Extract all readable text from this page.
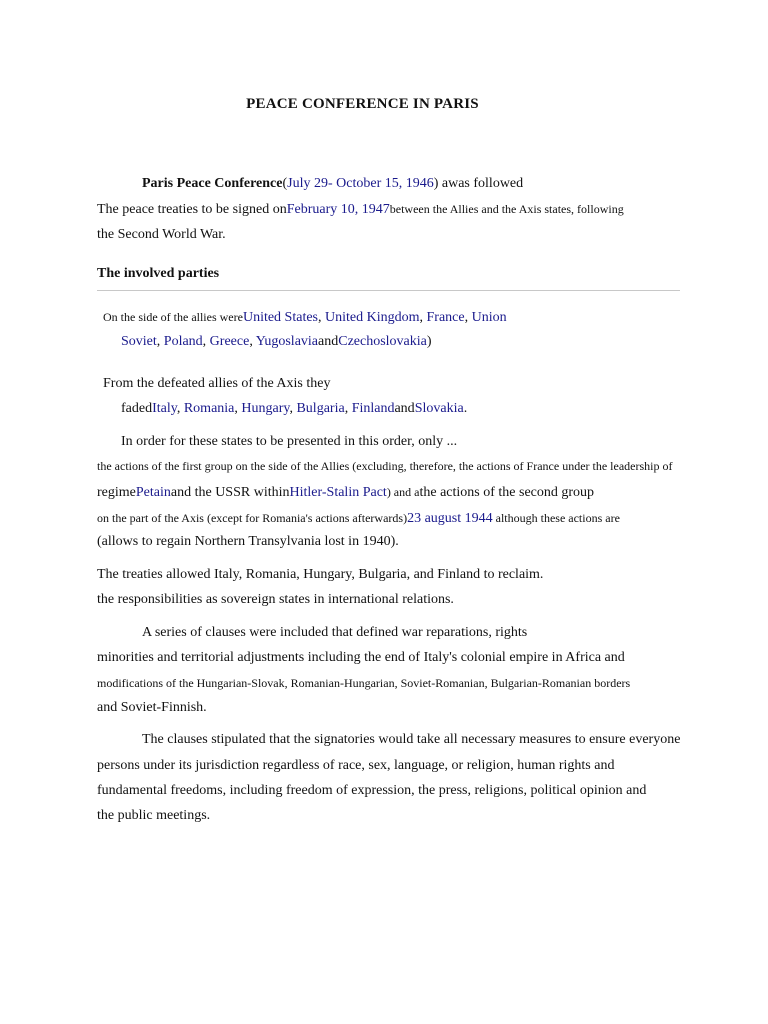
PEACE CONFERENCE IN PARIS
Paris Peace Conference(July 29- October 15, 1946) awas followed
The peace treaties to be signed onFebruary 10, 1947between the Allies and the Axis states, following
the Second World War.
The involved parties
On the side of the allies wereUnited States, United Kingdom, France, Union
Soviet, Poland, Greece, YugoslaviaandCzechoslovakia)
From the defeated allies of the Axis they
fadedItaly, Romania, Hungary, Bulgaria, FinlandandSlovakia.
In order for these states to be presented in this order, only ...
the actions of the first group on the side of the Allies (excluding, therefore, the actions of France under the leadership of
regimePetainand the USSR withinHitler-Stalin Pact) and athe actions of the second group
on the part of the Axis (except for Romania's actions afterwards)23 august 1944 although these actions are
(allows to regain Northern Transylvania lost in 1940).
The treaties allowed Italy, Romania, Hungary, Bulgaria, and Finland to reclaim.
the responsibilities as sovereign states in international relations.
A series of clauses were included that defined war reparations, rights
minorities and territorial adjustments including the end of Italy's colonial empire in Africa and
modifications of the Hungarian-Slovak, Romanian-Hungarian, Soviet-Romanian, Bulgarian-Romanian borders
and Soviet-Finnish.
The clauses stipulated that the signatories would take all necessary measures to ensure everyone
persons under its jurisdiction regardless of race, sex, language, or religion, human rights and
fundamental freedoms, including freedom of expression, the press, religions, political opinion and
the public meetings.
